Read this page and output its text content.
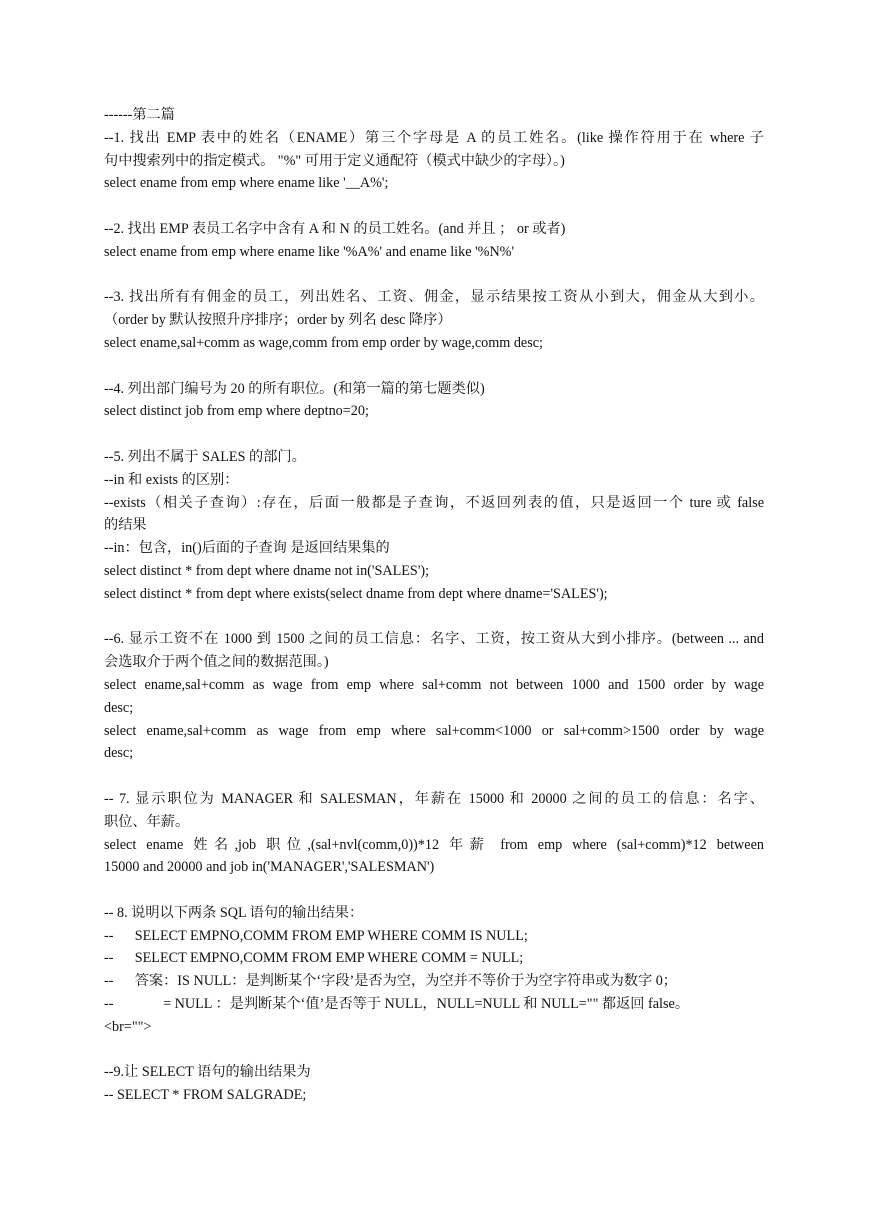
------第二篇
--1. 找出 EMP 表中的姓名（ENAME）第三个字母是 A 的员工姓名。(like 操作符用于在 where 子
句中搜索列中的指定模式。 "%" 可用于定义通配符（模式中缺少的字母）。)
select ename from emp where ename like '__A%';
--2. 找出 EMP 表员工名字中含有 A 和 N 的员工姓名。(and 并且 ； or 或者)
select ename from emp where ename like '%A%' and ename like '%N%'
--3. 找出所有有佣金的员工，列出姓名、工资、佣金，显示结果按工资从小到大，佣金从大到小。
（order by 默认按照升序排序；order by 列名 desc 降序）
select ename,sal+comm as wage,comm from emp order by wage,comm desc;
--4. 列出部门编号为 20 的所有职位。(和第一篇的第七题类似)
select distinct job from emp where deptno=20;
--5. 列出不属于 SALES 的部门。
--in 和 exists 的区别：
--exists（相关子查询）:存在，后面一般都是子查询，不返回列表的值，只是返回一个 ture 或 false
的结果
--in：包含，in()后面的子查询 是返回结果集的
select distinct * from dept where dname not in('SALES');
select distinct * from dept where exists(select dname from dept where dname='SALES');
--6. 显示工资不在 1000 到 1500 之间的员工信息：名字、工资，按工资从大到小排序。(between ... and
会选取介于两个值之间的数据范围。)
select ename,sal+comm as wage from emp where sal+comm not between 1000 and 1500 order by wage
desc;
select ename,sal+comm as wage from emp where sal+comm<1000 or sal+comm>1500 order by wage
desc;
-- 7. 显示职位为 MANAGER 和 SALESMAN，年薪在 15000 和 20000 之间的员工的信息：名字、
职位、年薪。
select ename 姓名,job 职位,(sal+nvl(comm,0))*12 年薪 from emp where (sal+comm)*12 between
15000 and 20000 and job in('MANAGER','SALESMAN')
-- 8. 说明以下两条 SQL 语句的输出结果：
--      SELECT EMPNO,COMM FROM EMP WHERE COMM IS NULL;
--      SELECT EMPNO,COMM FROM EMP WHERE COMM = NULL;
--      答案：IS NULL：是判断某个‘字段’是否为空，为空并不等价于为空字符串或为数字 0；
--              = NULL ：是判断某个‘值’是否等于 NULL，NULL=NULL 和 NULL="" 都返回 false。
<br="">
--9.让 SELECT 语句的输出结果为
-- SELECT * FROM SALGRADE;
